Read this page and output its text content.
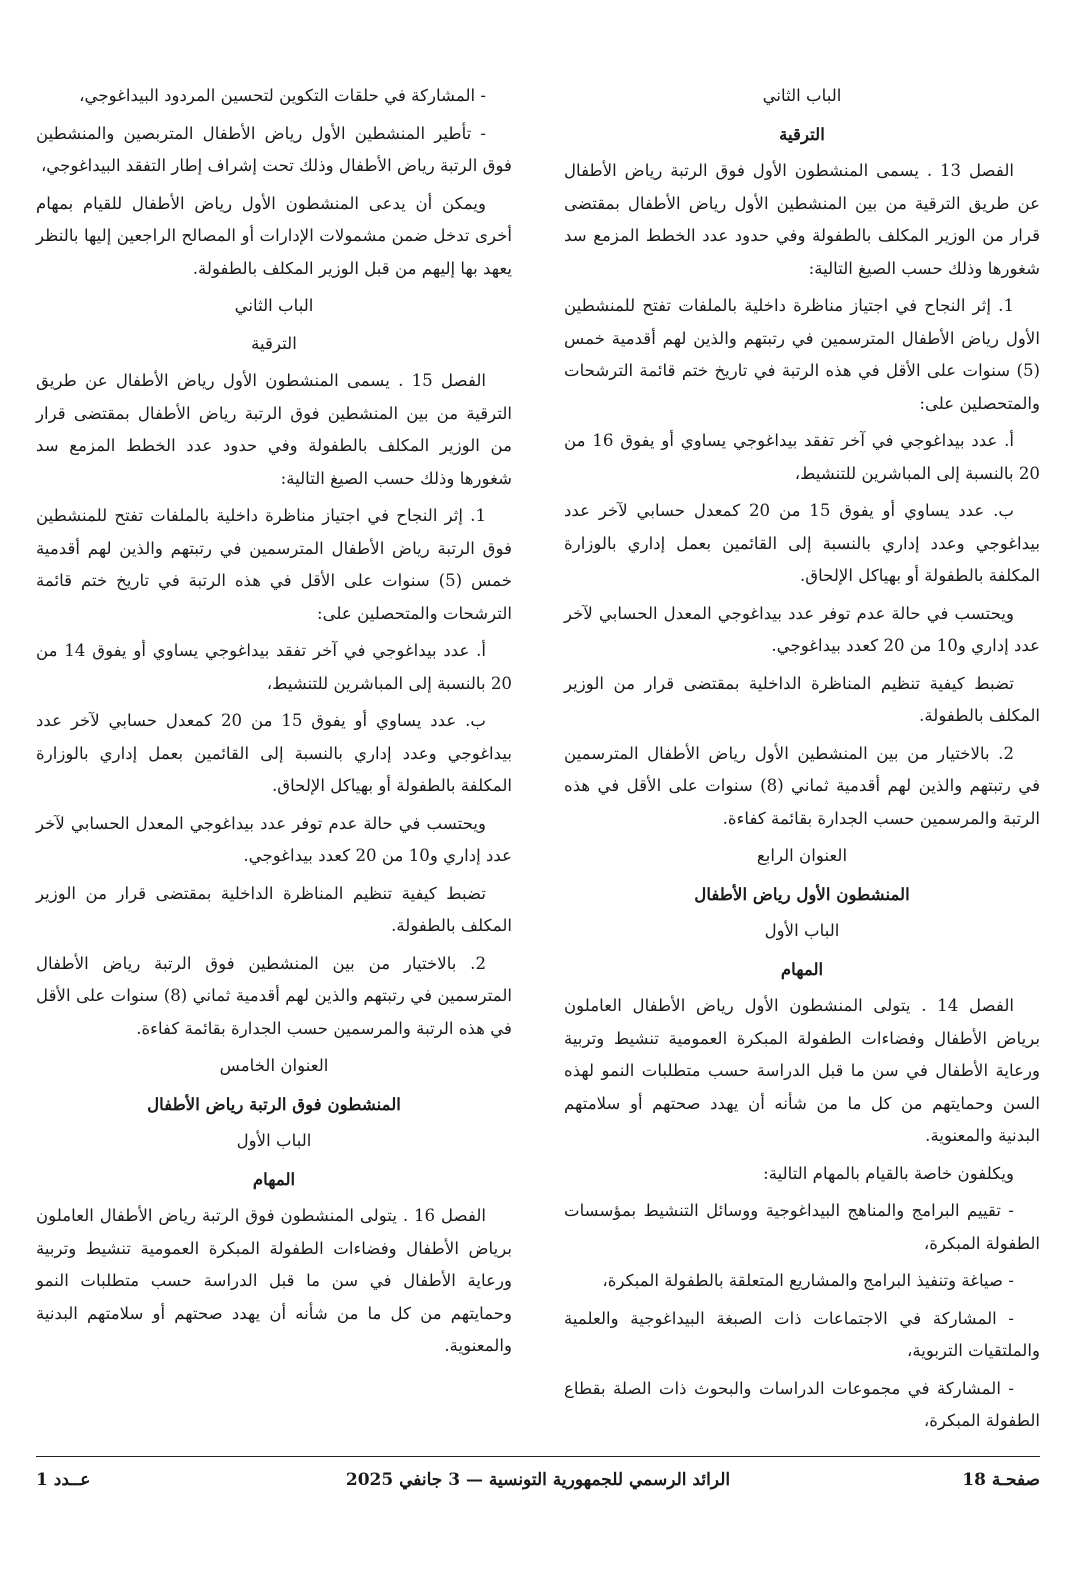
الباب الثاني

الترقية

الفصل 13 . يسمى المنشطون الأول فوق الرتبة رياض الأطفال عن طريق الترقية من بين المنشطين الأول رياض الأطفال بمقتضى قرار من الوزير المكلف بالطفولة وفي حدود عدد الخطط المزمع سد شغورها وذلك حسب الصيغ التالية:

1. إثر النجاح في اجتياز مناظرة داخلية بالملفات تفتح للمنشطين الأول رياض الأطفال المترسمين في رتبتهم والذين لهم أقدمية خمس (5) سنوات على الأقل في هذه الرتبة في تاريخ ختم قائمة الترشحات والمتحصلين على:

أ. عدد بيداغوجي في آخر تفقد بيداغوجي يساوي أو يفوق 16 من 20 بالنسبة إلى المباشرين للتنشيط،

ب. عدد يساوي أو يفوق 15 من 20 كمعدل حسابي لآخر عدد بيداغوجي وعدد إداري بالنسبة إلى القائمين بعمل إداري بالوزارة المكلفة بالطفولة أو بهياكل الإلحاق.

ويحتسب في حالة عدم توفر عدد بيداغوجي المعدل الحسابي لآخر عدد إداري و10 من 20 كعدد بيداغوجي.

تضبط كيفية تنظيم المناظرة الداخلية بمقتضى قرار من الوزير المكلف بالطفولة.

2. بالاختيار من بين المنشطين الأول رياض الأطفال المترسمين في رتبتهم والذين لهم أقدمية ثماني (8) سنوات على الأقل في هذه الرتبة والمرسمين حسب الجدارة بقائمة كفاءة.

العنوان الرابع

المنشطون الأول رياض الأطفال

الباب الأول

المهام

الفصل 14 . يتولى المنشطون الأول رياض الأطفال العاملون برياض الأطفال وفضاءات الطفولة المبكرة العمومية تنشيط وتربية ورعاية الأطفال في سن ما قبل الدراسة حسب متطلبات النمو لهذه السن وحمايتهم من كل ما من شأنه أن يهدد صحتهم أو سلامتهم البدنية والمعنوية.

ويكلفون خاصة بالقيام بالمهام التالية:

- تقييم البرامج والمناهج البيداغوجية ووسائل التنشيط بمؤسسات الطفولة المبكرة،

- صياغة وتنفيذ البرامج والمشاريع المتعلقة بالطفولة المبكرة،

- المشاركة في الاجتماعات ذات الصبغة البيداغوجية والعلمية والملتقيات التربوية،

- المشاركة في مجموعات الدراسات والبحوث ذات الصلة بقطاع الطفولة المبكرة،

- المشاركة في حلقات التكوين لتحسين المردود البيداغوجي،

- تأطير المنشطين الأول رياض الأطفال المتربصين والمنشطين فوق الرتبة رياض الأطفال وذلك تحت إشراف إطار التفقد البيداغوجي،

ويمكن أن يدعى المنشطون الأول رياض الأطفال للقيام بمهام أخرى تدخل ضمن مشمولات الإدارات أو المصالح الراجعين إليها بالنظر يعهد بها إليهم من قبل الوزير المكلف بالطفولة.

الباب الثاني

الترقية

الفصل 15 . يسمى المنشطون الأول رياض الأطفال عن طريق الترقية من بين المنشطين فوق الرتبة رياض الأطفال بمقتضى قرار من الوزير المكلف بالطفولة وفي حدود عدد الخطط المزمع سد شغورها وذلك حسب الصيغ التالية:

1. إثر النجاح في اجتياز مناظرة داخلية بالملفات تفتح للمنشطين فوق الرتبة رياض الأطفال المترسمين في رتبتهم والذين لهم أقدمية خمس (5) سنوات على الأقل في هذه الرتبة في تاريخ ختم قائمة الترشحات والمتحصلين على:

أ. عدد بيداغوجي في آخر تفقد بيداغوجي يساوي أو يفوق 14 من 20 بالنسبة إلى المباشرين للتنشيط،

ب. عدد يساوي أو يفوق 15 من 20 كمعدل حسابي لآخر عدد بيداغوجي وعدد إداري بالنسبة إلى القائمين بعمل إداري بالوزارة المكلفة بالطفولة أو بهياكل الإلحاق.

ويحتسب في حالة عدم توفر عدد بيداغوجي المعدل الحسابي لآخر عدد إداري و10 من 20 كعدد بيداغوجي.

تضبط كيفية تنظيم المناظرة الداخلية بمقتضى قرار من الوزير المكلف بالطفولة.

2. بالاختيار من بين المنشطين فوق الرتبة رياض الأطفال المترسمين في رتبتهم والذين لهم أقدمية ثماني (8) سنوات على الأقل في هذه الرتبة والمرسمين حسب الجدارة بقائمة كفاءة.

العنوان الخامس

المنشطون فوق الرتبة رياض الأطفال

الباب الأول

المهام

الفصل 16 . يتولى المنشطون فوق الرتبة رياض الأطفال العاملون برياض الأطفال وفضاءات الطفولة المبكرة العمومية تنشيط وتربية ورعاية الأطفال في سن ما قبل الدراسة حسب متطلبات النمو وحمايتهم من كل ما من شأنه أن يهدد صحتهم أو سلامتهم البدنية والمعنوية.

صفحـة 18
الرائد الرسمي للجمهورية التونسية — 3 جانفي 2025
عــدد 1
